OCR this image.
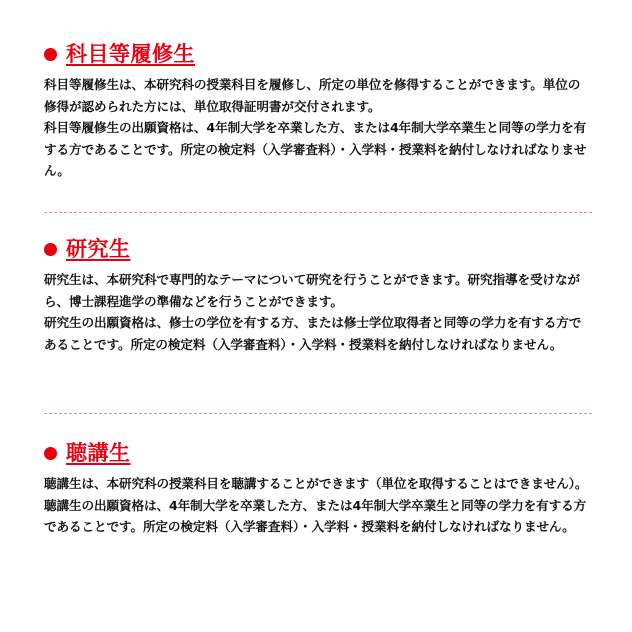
科目等履修生

科目等履修生は、本研究科の授業科目を履修し、所定の単位を修得することができます。単位の修得が認められた方には、単位取得証明書が交付されます。

科目等履修生の出願資格は、4年制大学を卒業した方、または4年制大学卒業生と同等の学力を有する方であることです。所定の検定料（入学審査料）・入学料・授業料を納付しなければなりません。

研究生

研究生は、本研究科で専門的なテーマについて研究を行うことができます。研究指導を受けながら、博士課程進学の準備などを行うことができます。

研究生の出願資格は、修士の学位を有する方、または修士学位取得者と同等の学力を有する方であることです。所定の検定料（入学審査料）・入学料・授業料を納付しなければなりません。

聴講生

聴講生は、本研究科の授業科目を聴講することができます（単位を取得することはできません）。

聴講生の出願資格は、4年制大学を卒業した方、または4年制大学卒業生と同等の学力を有する方であることです。所定の検定料（入学審査料）・入学料・授業料を納付しなければなりません。
